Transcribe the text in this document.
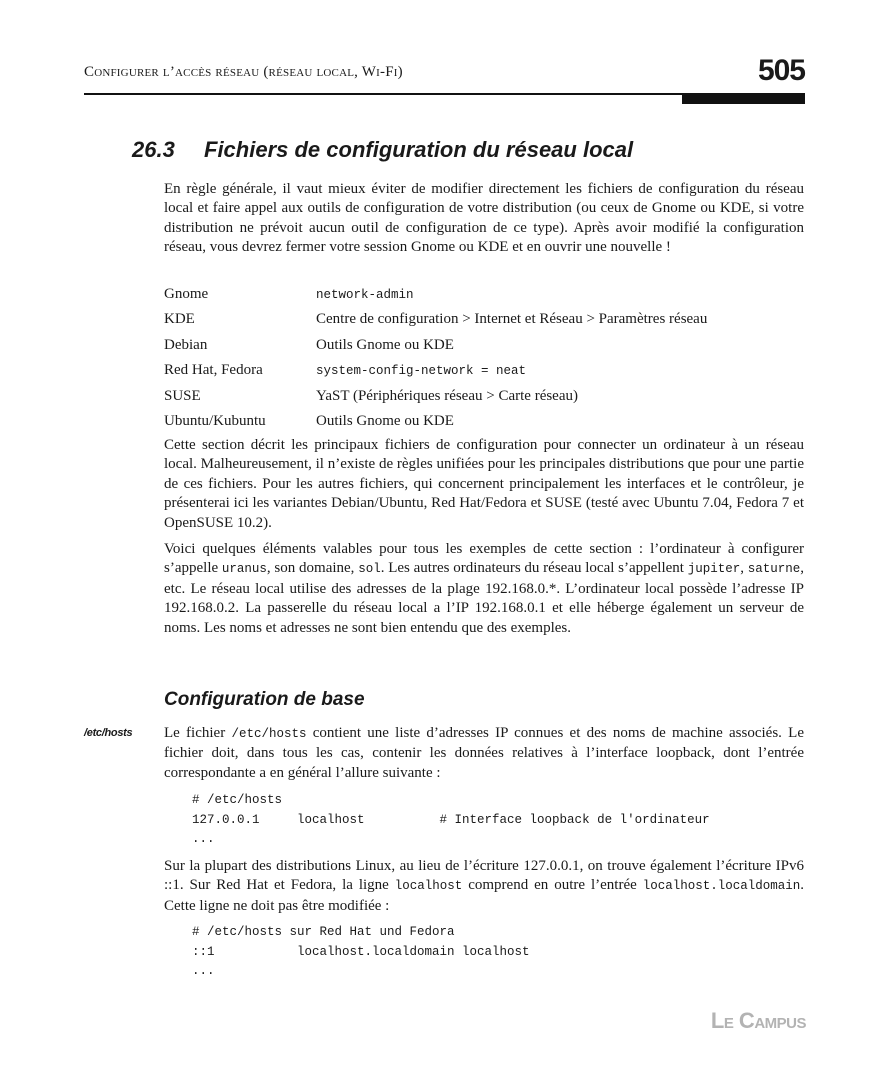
Configurer l’accès réseau (réseau local, Wi-Fi)	505
26.3 Fichiers de configuration du réseau local

En règle générale, il vaut mieux éviter de modifier directement les fichiers de configuration du réseau local et faire appel aux outils de configuration de votre distribution (ou ceux de Gnome ou KDE, si votre distribution ne prévoit aucun outil de configuration de ce type). Après avoir modifié la configuration réseau, vous devrez fermer votre session Gnome ou KDE et en ouvrir une nouvelle !

Gnome	network-admin
KDE	Centre de configuration > Internet et Réseau > Paramètres réseau
Debian	Outils Gnome ou KDE
Red Hat, Fedora	system-config-network = neat
SUSE	YaST (Périphériques réseau > Carte réseau)
Ubuntu/Kubuntu	Outils Gnome ou KDE

Cette section décrit les principaux fichiers de configuration pour connecter un ordinateur à un réseau local. Malheureusement, il n’existe de règles unifiées pour les principales distributions que pour une partie de ces fichiers. Pour les autres fichiers, qui concernent principalement les interfaces et le contrôleur, je présenterai ici les variantes Debian/Ubuntu, Red Hat/Fedora et SUSE (testé avec Ubuntu 7.04, Fedora 7 et OpenSUSE 10.2).

Voici quelques éléments valables pour tous les exemples de cette section : l’ordinateur à configurer s’appelle uranus, son domaine, sol. Les autres ordinateurs du réseau local s’appellent jupiter, saturne, etc. Le réseau local utilise des adresses de la plage 192.168.0.*. L’ordinateur local possède l’adresse IP 192.168.0.2. La passerelle du réseau local a l’IP 192.168.0.1 et elle héberge également un serveur de noms. Les noms et adresses ne sont bien entendu que des exemples.

Configuration de base
/etc/hosts Le fichier /etc/hosts contient une liste d’adresses IP connues et des noms de machine associés. Le fichier doit, dans tous les cas, contenir les données relatives à l’interface loopback, dont l’entrée correspondante a en général l’allure suivante :

# /etc/hosts
127.0.0.1     localhost          # Interface loopback de l'ordinateur
...

Sur la plupart des distributions Linux, au lieu de l’écriture 127.0.0.1, on trouve également l’écriture IPv6 ::1. Sur Red Hat et Fedora, la ligne localhost comprend en outre l’entrée localhost.localdomain. Cette ligne ne doit pas être modifiée :

# /etc/hosts sur Red Hat und Fedora
::1           localhost.localdomain localhost
...
Le Campus
